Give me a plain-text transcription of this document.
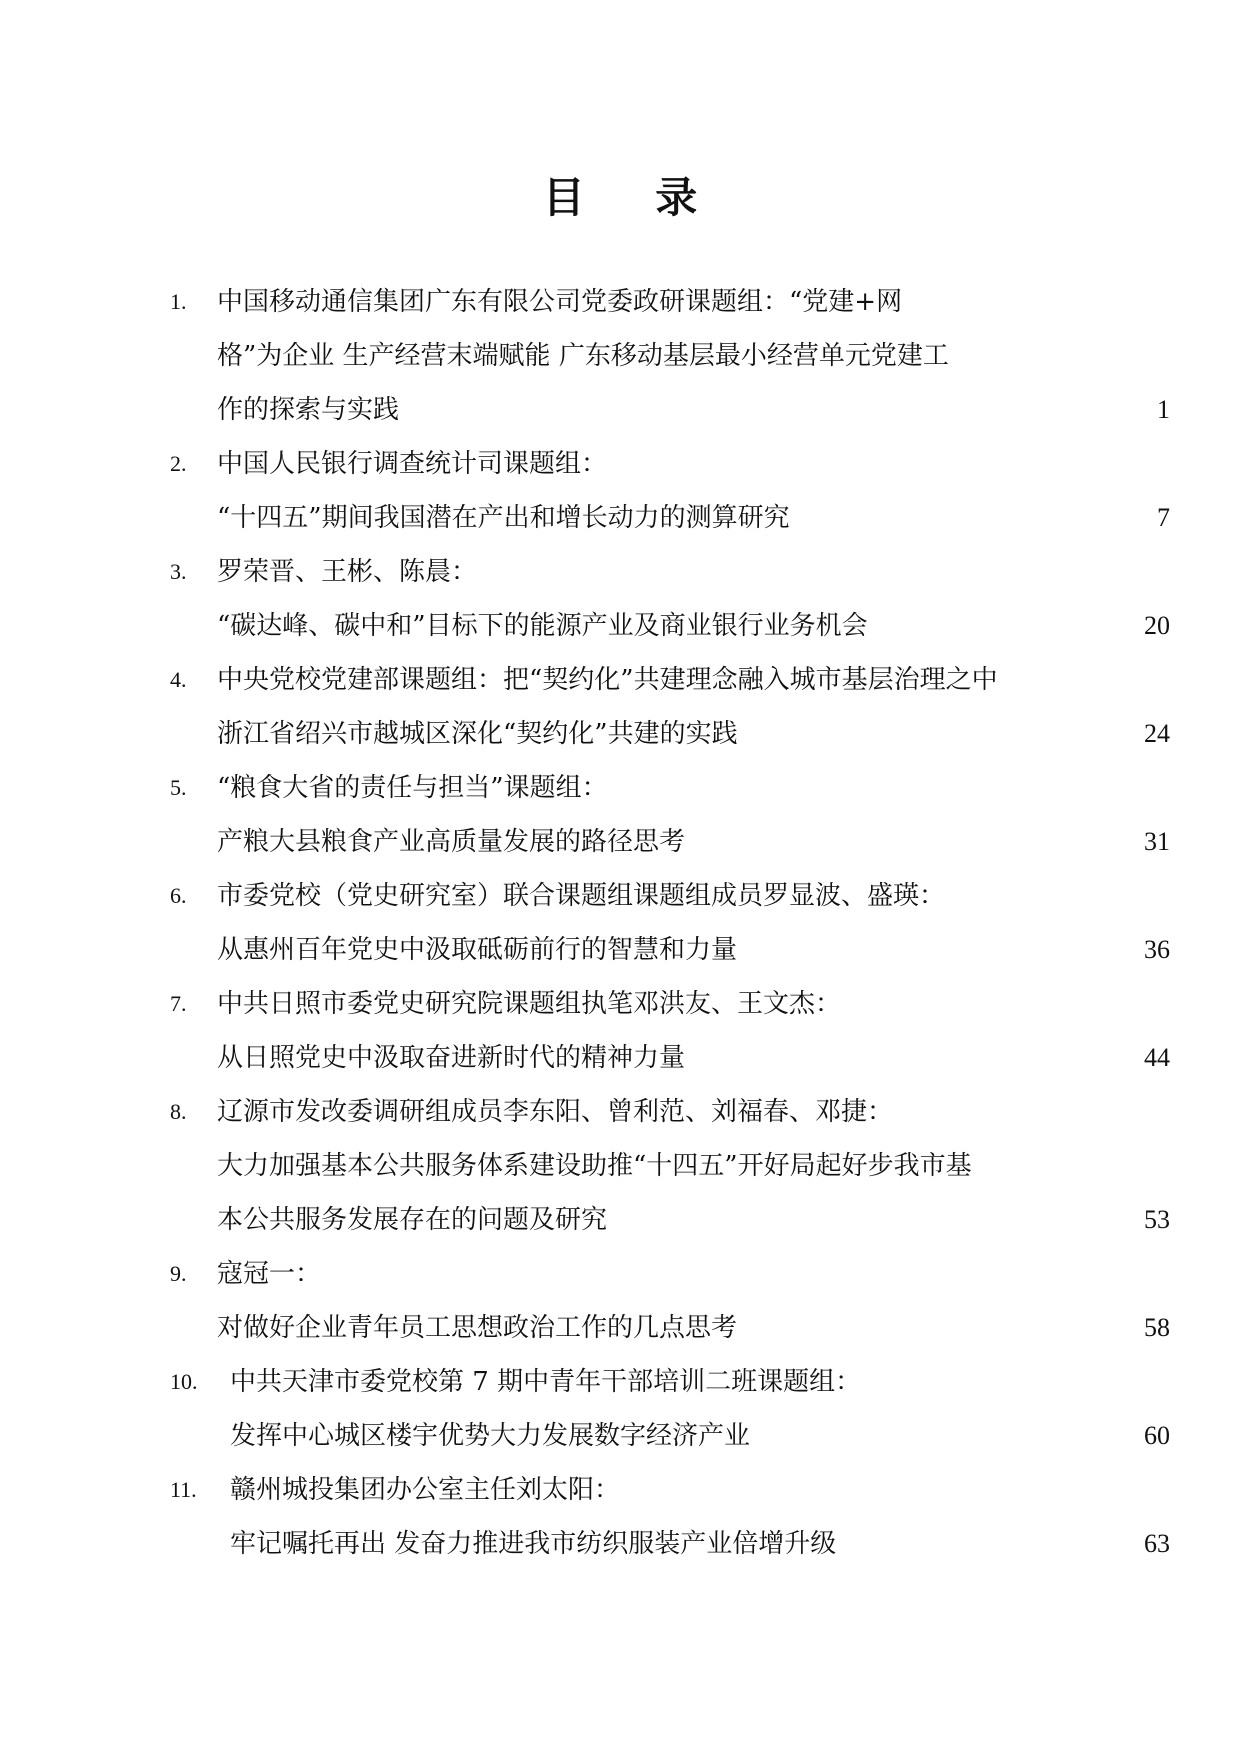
目 录
1. 中国移动通信集团广东有限公司党委政研课题组：“党建+网
格”为企业 生产经营末端赋能 广东移动基层最小经营单元党建工
作的探索与实践	1
2. 中国人民银行调查统计司课题组：
“十四五”期间我国潜在产出和增长动力的测算研究	7
3. 罗荣晋、王彬、陈晨：
“碳达峰、碳中和”目标下的能源产业及商业银行业务机会	20
4. 中央党校党建部课题组：把“契约化”共建理念融入城市基层治理之中
浙江省绍兴市越城区深化“契约化”共建的实践	24
5. “粮食大省的责任与担当”课题组：
产粮大县粮食产业高质量发展的路径思考	31
6. 市委党校（党史研究室）联合课题组课题组成员罗显波、盛瑛：
从惠州百年党史中汲取砥砺前行的智慧和力量	36
7. 中共日照市委党史研究院课题组执笔邓洪友、王文杰：
从日照党史中汲取奋进新时代的精神力量	44
8. 辽源市发改委调研组成员李东阳、曾利范、刘福春、邓捷：
大力加强基本公共服务体系建设助推“十四五”开好局起好步我市基
本公共服务发展存在的问题及研究	53
9. 寇冠一：
对做好企业青年员工思想政治工作的几点思考	58
10. 中共天津市委党校第 7 期中青年干部培训二班课题组：
发挥中心城区楼宇优势大力发展数字经济产业	60
11. 赣州城投集团办公室主任刘太阳：
牢记嘱托再出 发奋力推进我市纺织服装产业倍增升级	63
